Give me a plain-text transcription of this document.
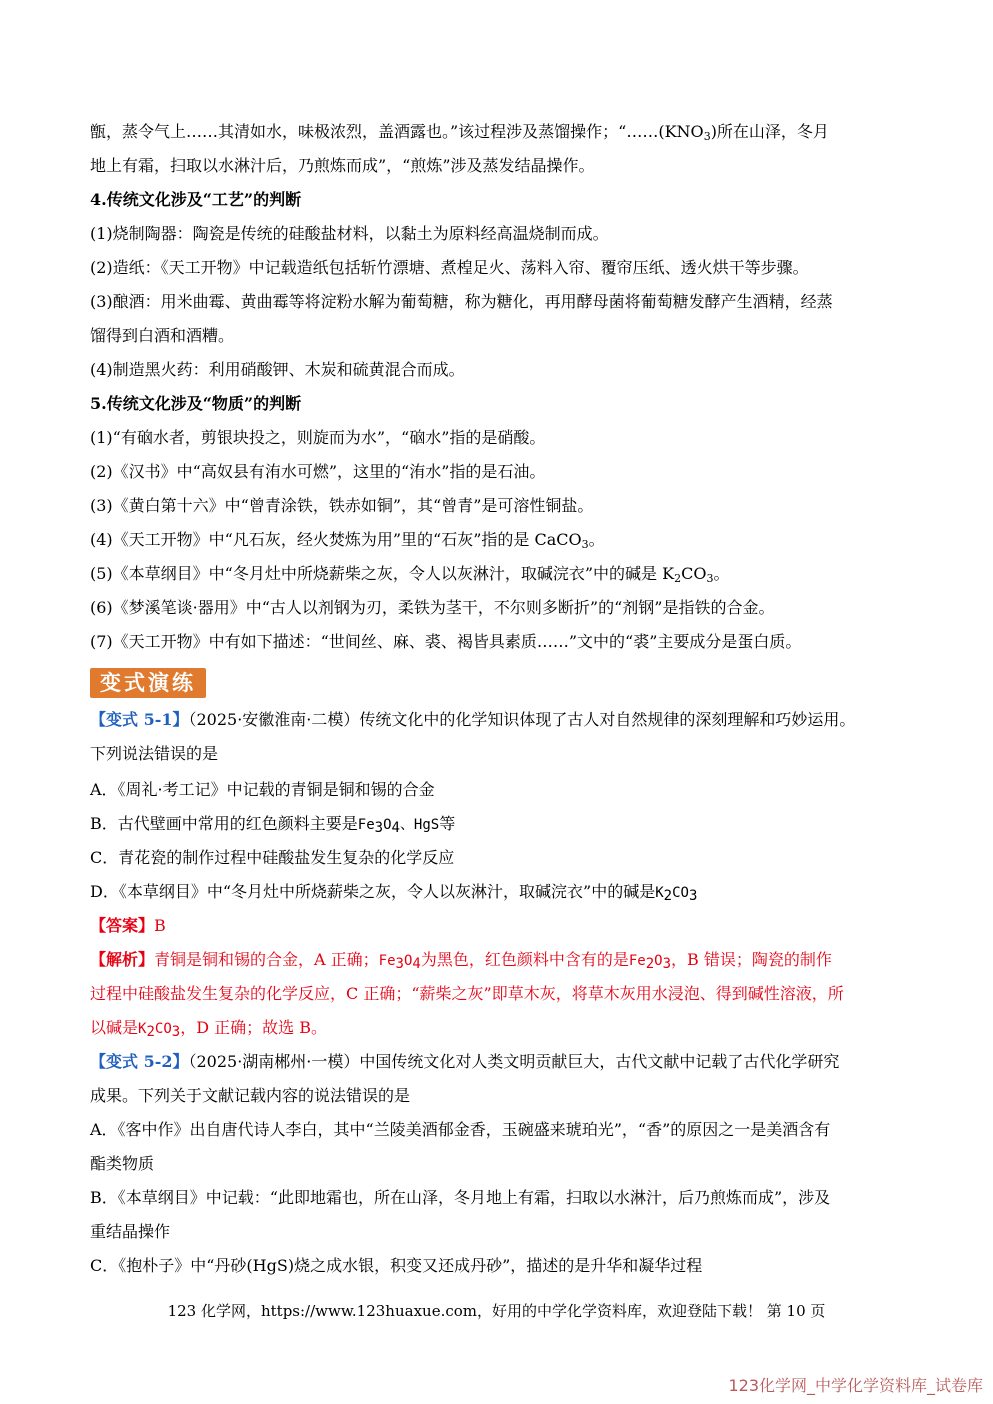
甑，蒸令气上……其清如水，味极浓烈，盖酒露也。”该过程涉及蒸馏操作；“$\dots\dots(KNO_3)$所在山泽，冬月
地上有霜，扫取以水淋汁后，乃煎炼而成”，“煎炼”涉及蒸发结晶操作。
4.传统文化涉及“工艺”的判断
(1)烧制陶器：陶瓷是传统的硅酸盐材料，以黏土为原料经高温烧制而成。
(2)造纸：《天工开物》中记载造纸包括斩竹漂塘、煮楻足火、荡料入帘、覆帘压纸、透火烘干等步骤。
(3)酿酒：用米曲霉、黄曲霉等将淀粉水解为葡萄糖，称为糖化，再用酵母菌将葡萄糖发酵产生酒精，经蒸
馏得到白酒和酒糟。
(4)制造黑火药：利用硝酸钾、木炭和硫黄混合而成。
5.传统文化涉及“物质”的判断
(1)“有硇水者，剪银块投之，则旋而为水”，“硇水”指的是硝酸。
(2)《汉书》中“高奴县有洧水可燃”，这里的“洧水”指的是石油。
(3)《黄白第十六》中“曾青涂铁，铁赤如铜”，其“曾青”是可溶性铜盐。
(4)《天工开物》中“凡石灰，经火焚炼为用”里的“石灰”指的是 CaCO$_3$。
(5)《本草纲目》中“冬月灶中所烧薪柴之灰，令人以灰淋汁，取碱浣衣”中的碱是 $K_2CO_3$。
(6)《梦溪笔谈·器用》中“古人以剂钢为刃，柔铁为茎干，不尔则多断折”的“剂钢”是指铁的合金。
(7)《天工开物》中有如下描述：“世间丝、麻、裘、褐皆具素质……”文中的“裘”主要成分是蛋白质。
变式演练
【变式 5-1】（2025·安徽淮南·二模）传统文化中的化学知识体现了古人对自然规律的深刻理解和巧妙运用。
下列说法错误的是
A．《周礼·考工记》中记载的青铜是铜和锡的合金
B．古代壁画中常用的红色颜料主要是Fe3O4、HgS等
C．青花瓷的制作过程中硅酸盐发生复杂的化学反应
D．《本草纲目》中“冬月灶中所烧薪柴之灰，令人以灰淋汁，取碱浣衣”中的碱是K2CO3
【答案】B
【解析】青铜是铜和锡的合金，A 正确；Fe3O4为黑色，红色颜料中含有的是Fe2O3，B 错误；陶瓷的制作
过程中硅酸盐发生复杂的化学反应，C 正确；“薪柴之灰”即草木灰，将草木灰用水浸泡、得到碱性溶液，所
以碱是K2CO3，D 正确；故选 B。
【变式 5-2】（2025·湖南郴州·一模）中国传统文化对人类文明贡献巨大，古代文献中记载了古代化学研究
成果。下列关于文献记载内容的说法错误的是
A．《客中作》出自唐代诗人李白，其中“兰陵美酒郁金香，玉碗盛来琥珀光”，“香”的原因之一是美酒含有
酯类物质
B．《本草纲目》中记载：“此即地霜也，所在山泽，冬月地上有霜，扫取以水淋汁，后乃煎炼而成”，涉及
重结晶操作
C．《抱朴子》中“丹砂(HgS)烧之成水银，积变又还成丹砂”，描述的是升华和凝华过程
123 化学网，https://www.123huaxue.com，好用的中学化学资料库，欢迎登陆下载！ 第 10 页
123化学网_中学化学资料库_试卷库
